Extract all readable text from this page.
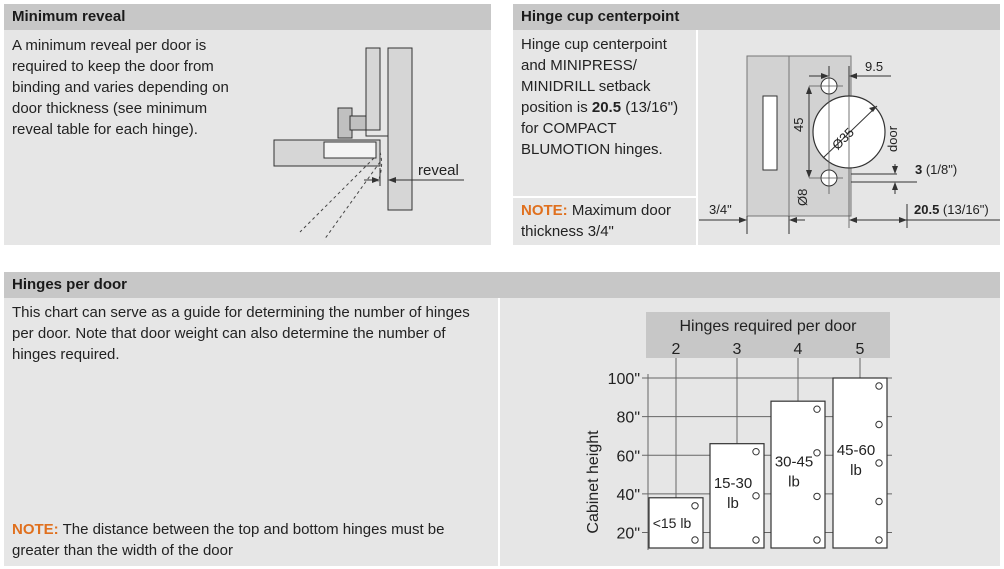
Minimum reveal
A minimum reveal per door is required to keep the door from binding and varies depending on door thickness (see minimum reveal table for each hinge).
reveal
Hinge cup centerpoint
Hinge cup centerpoint and MINIPRESS/ MINIDRILL setback position is 20.5 (13/16") for COMPACT BLUMOTION hinges.
NOTE: Maximum door thickness 3/4"
9.5
45 Ø35
Ø8
door
3 (1/8")
3/4"	20.5 (13/16")
Hinges per door
This chart can serve as a guide for determining the number of hinges per door. Note that door weight can also determine the number of hinges required.
NOTE: The distance between the top and bottom hinges must be greater than the width of the door
Hinges required per door
Cabinet height
2	3	4	5
100"
80"
60"
40"
20"
<15 lb
15-30
lb
30-45
lb
45-60
lb
